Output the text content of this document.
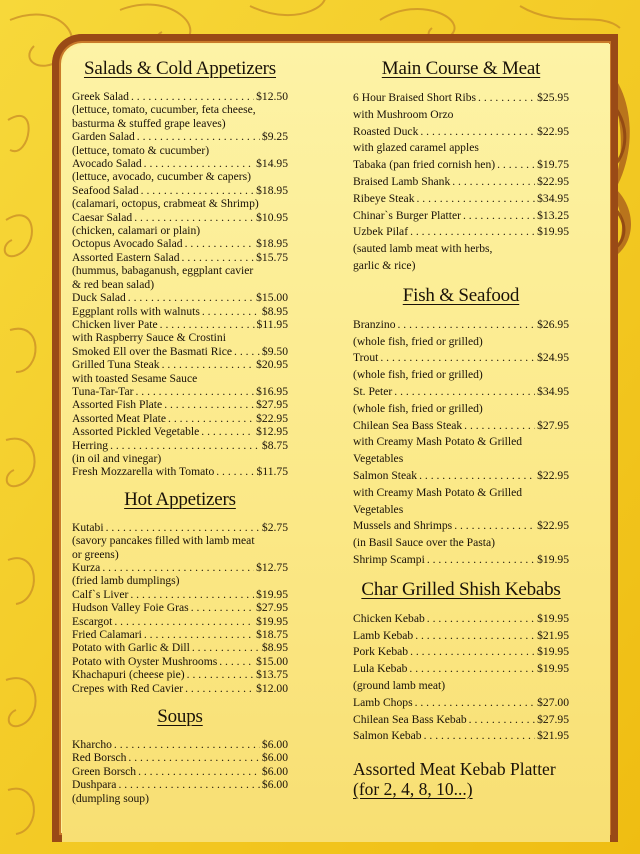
Salads & Cold Appetizers
Greek Salad . . .	$12.50
(lettuce, tomato, cucumber, feta cheese,
basturma & stuffed grape leaves)
Garden Salad . . .	$9.25
(lettuce, tomato & cucumber)
Avocado Salad . . .	$14.95
(lettuce, avocado, cucumber & capers)
Seafood Salad . . .	$18.95
(calamari, octopus, crabmeat & Shrimp)
Caesar Salad . . .	$10.95
(chicken, calamari or plain)
Octopus Avocado Salad . . .	$18.95
Assorted Eastern Salad . . .	$15.75
(hummus, babaganush, eggplant cavier
& red bean salad)
Duck Salad . . .	$15.00
Eggplant rolls with walnuts . . .	$8.95
Chicken liver Pate . . .	$11.95
with Raspberry Sauce & Crostini
Smoked Ell over the Basmati Rice . . .	$9.50
Grilled Tuna Steak . . .	$20.95
with toasted Sesame Sauce
Tuna-Tar-Tar . . .	$16.95
Assorted Fish Plate . . .	$27.95
Assorted Meat Plate . . .	$22.95
Assorted Pickled Vegetable . . .	$12.95
Herring . . .	$8.75
(in oil and vinegar)
Fresh Mozzarella with Tomato . . .	$11.75
Hot Appetizers
Kutabi . . .	$2.75
(savory pancakes filled with lamb meat
or greens)
Kurza . . .	$12.75
(fried lamb dumplings)
Calf`s Liver . . .	$19.95
Hudson Valley Foie Gras . . .	$27.95
Escargot . . .	$19.95
Fried Calamari . . .	$18.75
Potato with Garlic & Dill . . .	$8.95
Potato with Oyster Mushrooms . . .	$15.00
Khachapuri (cheese pie) . . .	$13.75
Crepes with Red Cavier . . .	$12.00
Soups
Kharcho . . .	$6.00
Red Borsch . . .	$6.00
Green Borsch . . .	$6.00
Dushpara . . .	$6.00
(dumpling soup)
Main Course & Meat
6 Hour Braised Short Ribs . . .	$25.95
with Mushroom Orzo
Roasted Duck . . .	$22.95
with glazed caramel apples
Tabaka (pan fried cornish hen) . . .	$19.75
Braised Lamb Shank . . .	$22.95
Ribeye Steak . . .	$34.95
Chinar`s Burger Platter . . .	$13.25
Uzbek Pilaf . . .	$19.95
(sauted lamb meat with herbs,
garlic & rice)
Fish & Seafood
Branzino . . .	$26.95
(whole fish, fried or grilled)
Trout . . .	$24.95
(whole fish, fried or grilled)
St. Peter . . .	$34.95
(whole fish, fried or grilled)
Chilean Sea Bass Steak . . .	$27.95
with Creamy Mash Potato & Grilled
Vegetables
Salmon Steak . . .	$22.95
with Creamy Mash Potato & Grilled
Vegetables
Mussels and Shrimps . . .	$22.95
(in Basil Sauce over the Pasta)
Shrimp Scampi . . .	$19.95
Char Grilled Shish Kebabs
Chicken Kebab . . .	$19.95
Lamb Kebab . . .	$21.95
Pork Kebab . . .	$19.95
Lula Kebab . . .	$19.95
(ground lamb meat)
Lamb Chops . . .	$27.00
Chilean Sea Bass Kebab . . .	$27.95
Salmon Kebab . . .	$21.95
Assorted Meat Kebab Platter
(for 2, 4, 8, 10...)
